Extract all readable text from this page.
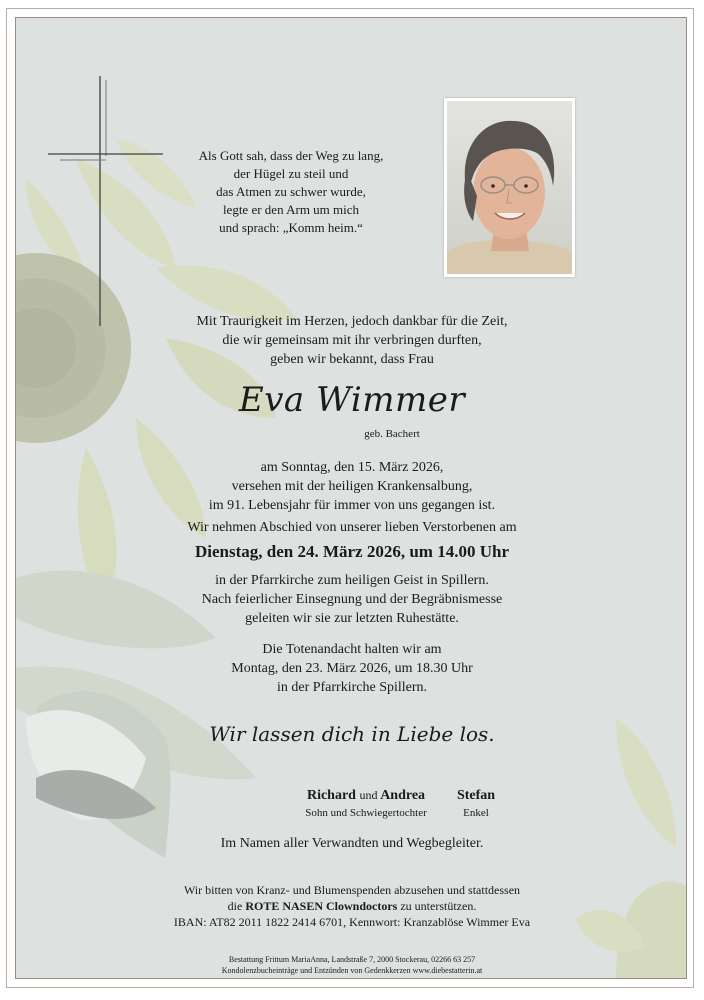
Als Gott sah, dass der Weg zu lang,
der Hügel zu steil und
das Atmen zu schwer wurde,
legte er den Arm um mich
und sprach: „Komm heim.“
Mit Traurigkeit im Herzen, jedoch dankbar für die Zeit,
die wir gemeinsam mit ihr verbringen durften,
geben wir bekannt, dass Frau
Eva Wimmer
geb. Bachert
am Sonntag, den 15. März 2026,
versehen mit der heiligen Krankensalbung,
im 91. Lebensjahr für immer von uns gegangen ist.
Wir nehmen Abschied von unserer lieben Verstorbenen am
Dienstag, den 24. März 2026, um 14.00 Uhr
in der Pfarrkirche zum heiligen Geist in Spillern.
Nach feierlicher Einsegnung und der Begräbnismesse
geleiten wir sie zur letzten Ruhestätte.
Die Totenandacht halten wir am
Montag, den 23. März 2026, um 18.30 Uhr
in der Pfarrkirche Spillern.
Wir lassen dich in Liebe los.
Richard und Andrea
Sohn und Schwiegertochter
Stefan
Enkel
Im Namen aller Verwandten und Wegbegleiter.
Wir bitten von Kranz- und Blumenspenden abzusehen und stattdessen
die ROTE NASEN Clowndoctors zu unterstützen.
IBAN: AT82 2011 1822 2414 6701, Kennwort: Kranzablöse Wimmer Eva
Bestattung Frittum MariaAnna, Landstraße 7, 2000 Stockerau, 02266 63 257
Kondolenzbucheinträge und Entzünden von Gedenkkerzen www.diebestatterin.at
